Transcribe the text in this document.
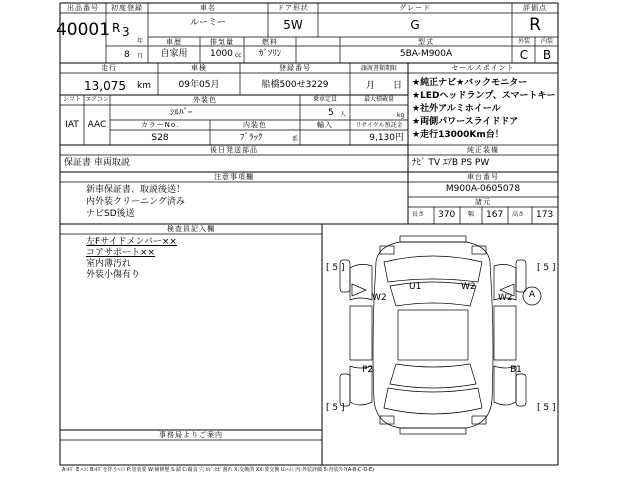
出品番号
40001
初度登録
R 3
年
8 月
車名
ルーミー
ドア形状
5W
グレード
G
評価点
R
車歴
自家用
排気量
1000 cc
燃料
ｶﾞｿﾘﾝ
型式
5BA-M900A
外装 内装
C B
走行
13,075 km
車検
09年05月
登録番号
船橋500せ3229
譲渡書類期限
月 日
セールスポイント
★純正ナビ★バックモニター
★LEDヘッドランプ、スマートキー
★社外アルミホイール
★両側パワースライドドア
★走行13000Km台！
シフト
IAT
エアコン
AAC
外装色
ｼﾙﾊﾞｰ
乗車定員
5 人
最大積載量
kg
カラーNo.	内装色	輸入	リサイクル預託金
S28	ﾌﾞﾗｯｸ	系	9,130円
純正装備
ﾅﾋﾞ TV ｴｱB PS PW
後日発送部品
保証書 車両取説
注意事項欄
新車保証書、取説後送！
内外装クリーニング済み
ナビSD後送
車台番号
M900A-0605078
諸元
長さ 370 幅 167 高さ 173
検査員記入欄
左Fサイドメンバー××
コアサポート××
室内薄汚れ
外装小傷有り
事務局よりご案内
U1	W2
W2	W2 A
P2	B1
[ 5 ]	[ 5 ]
[ 5 ]	[ 5 ]
A:ｷｽﾞ E:ﾍｺﾐ B:ｷｽﾞを伴うﾍｺﾐ P:塗装要 W:補修歴 S:錆 C:腐食 穴 ﾋﾋﾞ:ﾋﾋﾞ割れ X:交換済 XX:要交換 U:ﾍｺﾐ 内:外装評価 5:内装ﾗﾝｸ(A-B-C-D-E)
